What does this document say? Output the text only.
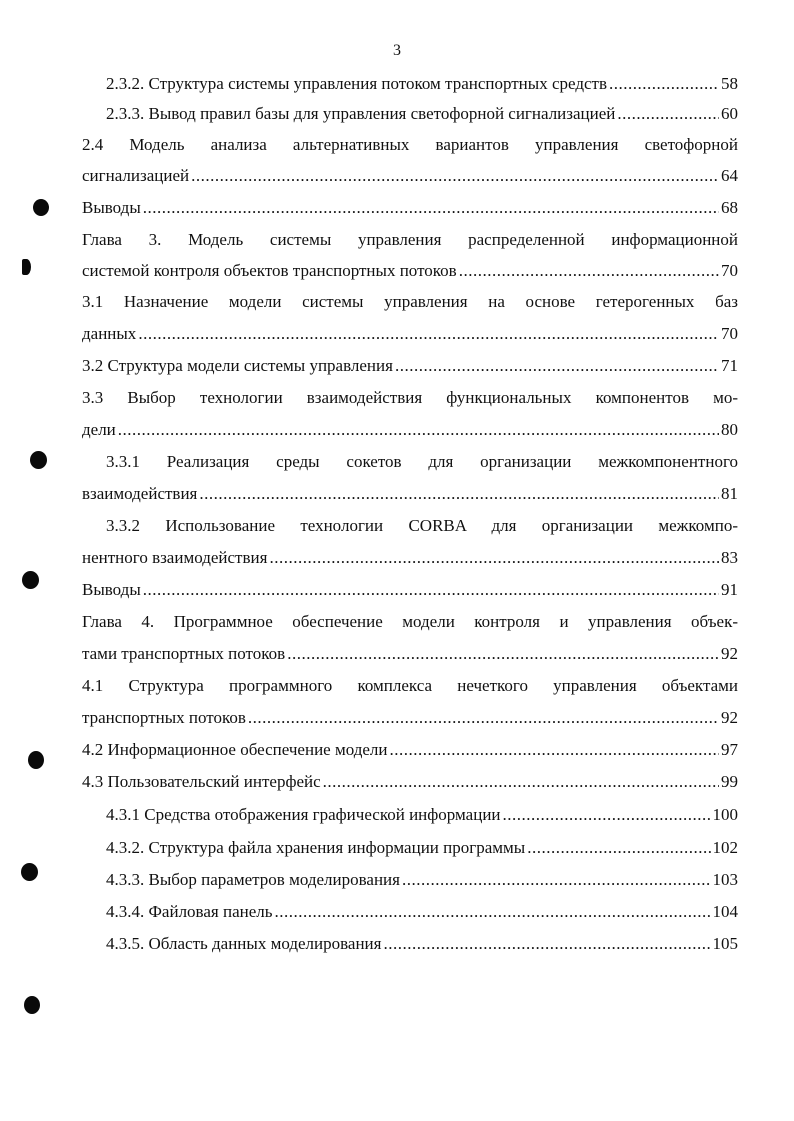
3
2.3.2. Структура системы управления потоком транспортных средств .....	58
2.3.3. Вывод правил базы для управления светофорной сигнализацией .....	60
2.4 Модель анализа альтернативных вариантов управления светофорной
сигнализацией .....	64
Выводы .....	68
Глава 3. Модель системы управления распределенной информационной
системой контроля объектов транспортных потоков .....	70
3.1 Назначение модели системы управления на основе гетерогенных баз
данных .....	70
3.2 Структура модели системы управления .....	71
3.3 Выбор технологии взаимодействия функциональных компонентов мо-
дели .....	80
3.3.1 Реализация среды сокетов для организации межкомпонентного
взаимодействия .....	81
3.3.2 Использование технологии CORBA для организации межкомпо-
нентного взаимодействия .....	83
Выводы .....	91
Глава 4. Программное обеспечение модели контроля и управления объек-
тами транспортных потоков .....	92
4.1 Структура программного комплекса нечеткого управления объектами
транспортных потоков .....	92
4.2 Информационное обеспечение модели .....	97
4.3 Пользовательский интерфейс .....	99
4.3.1 Средства отображения графической информации .....	100
4.3.2. Структура файла хранения информации программы .....	102
4.3.3. Выбор параметров моделирования .....	103
4.3.4. Файловая панель .....	104
4.3.5. Область данных моделирования .....	105
